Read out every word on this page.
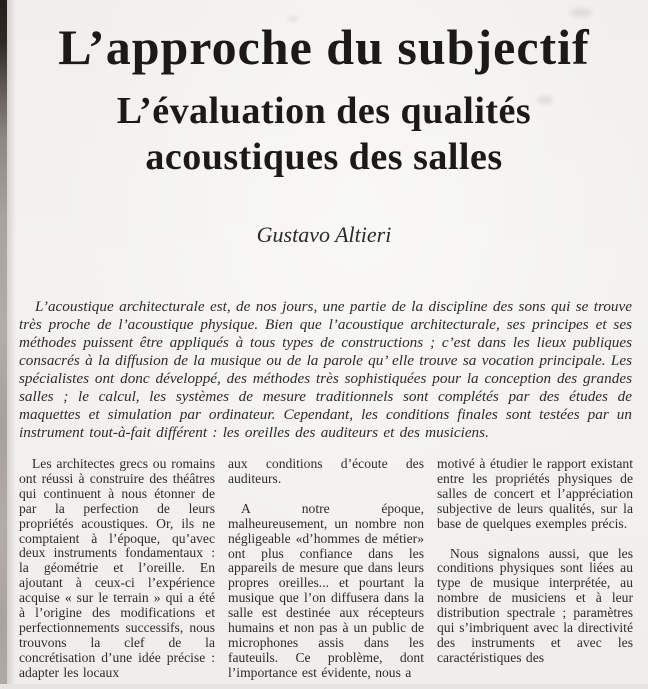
L’approche du subjectif
L’évaluation des qualités
acoustiques des salles
Gustavo Altieri

L’acoustique architecturale est, de nos jours, une partie de la discipline des sons qui se trouve très proche de l’acoustique physique. Bien que l’acoustique architecturale, ses principes et ses méthodes puissent être appliqués à tous types de constructions ; c’est dans les lieux publiques consacrés à la diffusion de la musique ou de la parole qu’ elle trouve sa vocation principale. Les spécialistes ont donc développé, des méthodes très sophistiquées pour la conception des grandes salles ; le calcul, les systèmes de mesure traditionnels sont complétés par des études de maquettes et simulation par ordinateur. Cependant, les conditions finales sont testées par un instrument tout-à-fait différent : les oreilles des auditeurs et des musiciens.

Les architectes grecs ou romains ont réussi à construire des théâtres qui continuent à nous étonner de par la perfection de leurs propriétés acoustiques. Or, ils ne comptaient à l’époque, qu’avec deux instruments fondamentaux : la géométrie et l’oreille. En ajoutant à ceux-ci l’expérience acquise « sur le terrain » qui a été à l’origine des modifications et perfectionnements successifs, nous trouvons la clef de la concrétisation d’une idée précise : adapter les locaux

aux conditions d’écoute des auditeurs.

A notre époque, malheureusement, un nombre non négligeable «d’hommes de métier» ont plus confiance dans les appareils de mesure que dans leurs propres oreilles... et pourtant la musique que l’on diffusera dans la salle est destinée aux récepteurs humains et non pas à un public de microphones assis dans les fauteuils. Ce problème, dont l’importance est évidente, nous a

motivé à étudier le rapport existant entre les propriétés physiques de salles de concert et l’appréciation subjective de leurs qualités, sur la base de quelques exemples précis.

Nous signalons aussi, que les conditions physiques sont liées au type de musique interprétée, au nombre de musiciens et à leur distribution spectrale ; paramètres qui s’imbriquent avec la directivité des instruments et avec les caractéristiques des
